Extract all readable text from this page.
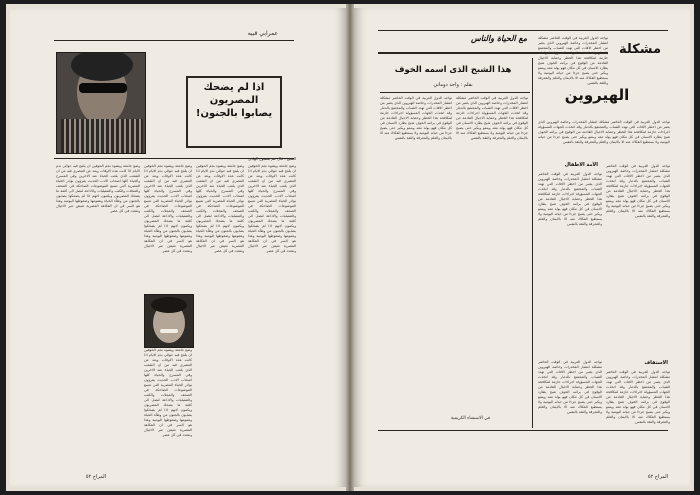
عمرابي قبيه
اذا لم يضحك
المصريون
يصابوا بالجنون!
وضع جامعة ويشوه نجم الخوفين ان يلمح فيه حوالي ندم الايام اذا كانت هذه الاوقات وبعد عن المصري فيه من ان الشعب الذي يلعب الحياة عند الاخرين وفي المسرح والحياة كلها اصحاب الادب الحديث يقرؤون نوادر الحياة المصرية التي تتسع الموضوعات الضاحكة في الصحف والمجلات والكتب والتمثيليات والاذاعة لنصل الى كلمة ما يضحك المصريون ويكتبون لانهم اذا لم يضحكوا يصابون بالجنون من وطأة الحياة وهمومها وضغوطها اليومية وهذا هو السر في ان الفكاهة المصرية تعيش عبر الاجيال وتتجدد في كل عصر
وضع جامعة ويشوه نجم الخوفين ان يلمح فيه حوالي ندم الايام اذا كانت هذه الاوقات وبعد عن المصري فيه من ان الشعب الذي يلعب الحياة عند الاخرين وفي المسرح والحياة كلها اصحاب الادب الحديث يقرؤون نوادر الحياة المصرية التي تتسع الموضوعات الضاحكة في الصحف والمجلات والكتب والتمثيليات والاذاعة لنصل الى كلمة ما يضحك المصريون ويكتبون لانهم اذا لم يضحكوا يصابون بالجنون من وطأة الحياة وهمومها وضغوطها اليومية وهذا هو السر في ان الفكاهة المصرية تعيش عبر الاجيال وتتجدد في كل عصر
وضع جامعة ويشوه نجم الخوفين ان يلمح فيه حوالي ندم الايام اذا كانت هذه الاوقات وبعد عن المصري فيه من ان الشعب الذي يلعب الحياة عند الاخرين وفي المسرح والحياة كلها اصحاب الادب الحديث يقرؤون نوادر الحياة المصرية التي تتسع الموضوعات الضاحكة في الصحف والمجلات والكتب والتمثيليات والاذاعة لنصل الى كلمة ما يضحك المصريون ويكتبون لانهم اذا لم يضحكوا يصابون بالجنون من وطأة الحياة وهمومها وضغوطها اليومية وهذا هو السر في ان الفكاهة المصرية تعيش عبر الاجيال وتتجدد في كل عصر
وضع جامعة ويشوه نجم الخوفين ان يلمح فيه حوالي ندم الايام اذا كانت هذه الاوقات وبعد عن المصري فيه من ان الشعب الذي يلعب الحياة عند الاخرين وفي المسرح والحياة كلها اصحاب الادب الحديث يقرؤون نوادر الحياة المصرية التي تتسع الموضوعات الضاحكة في الصحف والمجلات والكتب والتمثيليات والاذاعة لنصل الى كلمة ما يضحك المصريون ويكتبون لانهم اذا لم يضحكوا يصابون بالجنون من وطأة الحياة وهمومها وضغوطها اليومية وهذا هو السر في ان الفكاهة المصرية تعيش عبر الاجيال وتتجدد في كل عصر
وضع جامعة ويشوه نجم الخوفين ان يلمح فيه حوالي ندم الايام اذا كانت هذه الاوقات وبعد عن المصري فيه من ان الشعب الذي يلعب الحياة عند الاخرين وفي المسرح والحياة كلها اصحاب الادب الحديث يقرؤون نوادر الحياة المصرية التي تتسع الموضوعات الضاحكة في الصحف والمجلات والكتب والتمثيليات والاذاعة لنصل الى كلمة ما يضحك المصريون ويكتبون لانهم اذا لم يضحكوا يصابون بالجنون من وطأة الحياة وهمومها وضغوطها اليومية وهذا هو السر في ان الفكاهة المصرية تعيش عبر الاجيال وتتجدد في كل عصر
الشيخ - قال عم مصبوح الهادي
المراح ٥٢
مع الحياة والناس
مشكلة
الهيروين
هذا الشبح الذى اسمه الخوف
بقلم : واجد دوماني
تواجه الدول العربية في الوقت الحاضر مشكلة انتشار المخدرات وخاصة الهيروين الذي يعتبر من اخطر الافات التي تهدد الشباب والمجتمع بالدمار وقد اتخذت الجهات المسؤولة اجراءات حازمة لمكافحة هذا الخطر وحماية الاجيال القادمة من الوقوع في براثنه الخوف شبح يطارد الانسان في كل مكان فهو يولد معه وينمو ويكبر حتى يصبح جزءا من حياته اليومية ولا يستطيع الفكاك منه الا بالايمان والعلم والمعرفة والثقة بالنفس
تواجه الدول العربية في الوقت الحاضر مشكلة انتشار المخدرات وخاصة الهيروين الذي يعتبر من اخطر الافات التي تهدد الشباب والمجتمع بالدمار وقد اتخذت الجهات المسؤولة اجراءات حازمة لمكافحة هذا الخطر وحماية الاجيال القادمة من الوقوع في براثنه الخوف شبح يطارد الانسان في كل مكان فهو يولد معه وينمو ويكبر حتى يصبح جزءا من حياته اليومية ولا يستطيع الفكاك منه الا بالايمان والعلم والمعرفة والثقة بالنفس
في الاستفتاء الكريمية
تواجه الدول العربية في الوقت الحاضر مشكلة انتشار المخدرات وخاصة الهيروين الذي يعتبر من اخطر الافات التي تهدد الشباب والمجتمع بالدمار وقد اتخذت الجهات المسؤولة اجراءات حازمة لمكافحة هذا الخطر وحماية الاجيال القادمة من الوقوع في براثنه الخوف شبح يطارد الانسان في كل مكان فهو يولد معه وينمو ويكبر حتى يصبح جزءا من حياته اليومية ولا يستطيع الفكاك منه الا بالايمان والعلم والمعرفة والثقة بالنفس
تواجه الدول العربية في الوقت الحاضر مشكلة انتشار المخدرات وخاصة الهيروين الذي يعتبر من اخطر الافات التي تهدد الشباب والمجتمع بالدمار وقد اتخذت الجهات المسؤولة اجراءات حازمة لمكافحة هذا الخطر وحماية الاجيال القادمة من الوقوع في براثنه الخوف شبح يطارد الانسان في كل مكان فهو يولد معه وينمو ويكبر حتى يصبح جزءا من حياته اليومية ولا يستطيع الفكاك منه الا بالايمان والعلم والمعرفة والثقة بالنفس
الآمة الاطفال تواجه الدول العربية في الوقت الحاضر مشكلة انتشار المخدرات وخاصة الهيروين الذي يعتبر من اخطر الافات التي تهدد الشباب والمجتمع بالدمار وقد اتخذت الجهات المسؤولة اجراءات حازمة لمكافحة هذا الخطر وحماية الاجيال القادمة من الوقوع في براثنه الخوف شبح يطارد الانسان في كل مكان فهو يولد معه وينمو ويكبر حتى يصبح جزءا من حياته اليومية ولا يستطيع الفكاك منه الا بالايمان والعلم والمعرفة والثقة بالنفس
تواجه الدول العربية في الوقت الحاضر مشكلة انتشار المخدرات وخاصة الهيروين الذي يعتبر من اخطر الافات التي تهدد الشباب والمجتمع بالدمار وقد اتخذت الجهات المسؤولة اجراءات حازمة لمكافحة هذا الخطر وحماية الاجيال القادمة من الوقوع في براثنه الخوف شبح يطارد الانسان في كل مكان فهو يولد معه وينمو ويكبر حتى يصبح جزءا من حياته اليومية ولا يستطيع الفكاك منه الا بالايمان والعلم والمعرفة والثقة بالنفس
الاستفاف
تواجه الدول العربية في الوقت الحاضر مشكلة انتشار المخدرات وخاصة الهيروين الذي يعتبر من اخطر الافات التي تهدد الشباب والمجتمع بالدمار وقد اتخذت الجهات المسؤولة اجراءات حازمة لمكافحة هذا الخطر وحماية الاجيال القادمة من الوقوع في براثنه الخوف شبح يطارد الانسان في كل مكان فهو يولد معه وينمو ويكبر حتى يصبح جزءا من حياته اليومية ولا يستطيع الفكاك منه الا بالايمان والعلم والمعرفة والثقة بالنفس
تواجه الدول العربية في الوقت الحاضر مشكلة انتشار المخدرات وخاصة الهيروين الذي يعتبر من اخطر الافات التي تهدد الشباب والمجتمع بالدمار وقد اتخذت الجهات المسؤولة اجراءات حازمة لمكافحة هذا الخطر وحماية الاجيال القادمة من الوقوع في براثنه الخوف شبح يطارد الانسان في كل مكان فهو يولد معه وينمو ويكبر حتى يصبح جزءا من حياته اليومية ولا يستطيع الفكاك منه الا بالايمان والعلم والمعرفة والثقة بالنفس
المراح ٥٢
